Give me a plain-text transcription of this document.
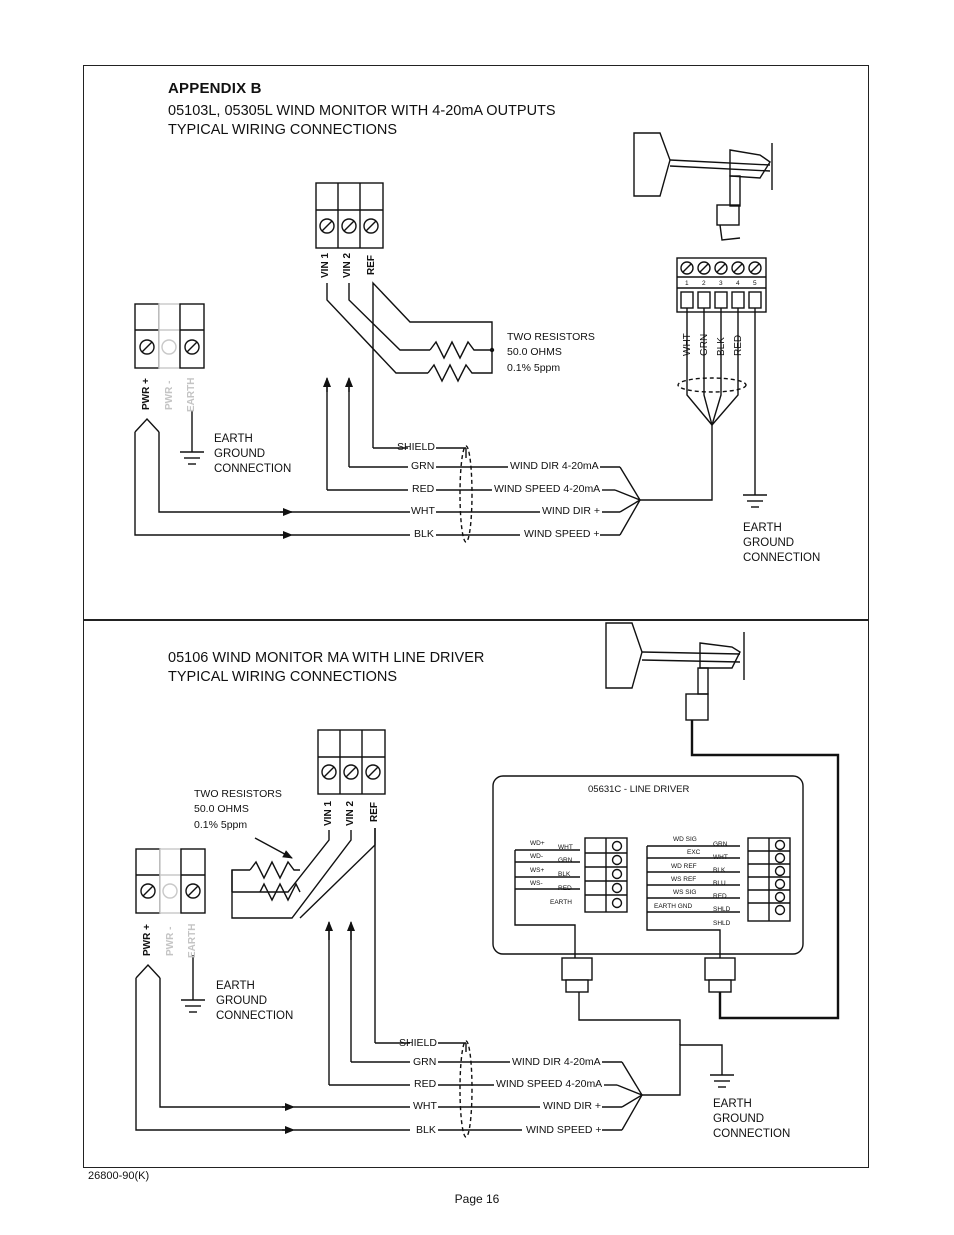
APPENDIX B
05103L, 05305L WIND MONITOR WITH 4-20mA OUTPUTS
TYPICAL WIRING CONNECTIONS
VIN 1 VIN 2 REF
PWR + PWR - EARTH
TWO RESISTORS
50.0 OHMS
0.1% 5ppm
EARTH
GROUND
CONNECTION
SHIELD
GRN
RED
WHT
BLK
WIND DIR 4-20mA
WIND SPEED 4-20mA
WIND DIR +
WIND SPEED +
1 2 3 4 5
WHT GRN BLK RED
EARTH
GROUND
CONNECTION
05106 WIND MONITOR MA WITH LINE DRIVER
TYPICAL WIRING CONNECTIONS
TWO RESISTORS
50.0 OHMS
0.1% 5ppm	VIN 1 VIN 2 REF
PWR + PWR - EARTH
EARTH
GROUND
CONNECTION
SHIELD
GRN
RED
WHT
BLK
WIND DIR 4-20mA
WIND SPEED 4-20mA
WIND DIR +
WIND SPEED +
EARTH
GROUND
CONNECTION
05631C - LINE DRIVER
WD+
WD-
WS+
WS-
WHT
GRN
BLK
RED
EARTH
WD SIG
EXC
WD REF
WS REF
WS SIG
EARTH GND
GRN
WHT
BLK
BLU
RED
SHLD
SHLD
26800-90(K)
Page 16
